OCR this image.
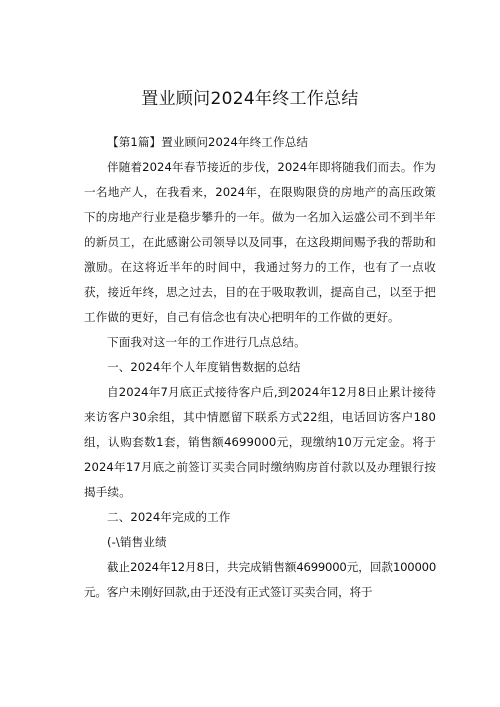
置业顾问2024年终工作总结

【第1篇】置业顾问2024年终工作总结

伴随着2024年春节接近的步伐，2024年即将随我们而去。作为一名地产人，在我看来，2024年，在限购限贷的房地产的高压政策下的房地产行业是稳步攀升的一年。做为一名加入运盛公司不到半年的新员工，在此感谢公司领导以及同事，在这段期间赐予我的帮助和激励。在这将近半年的时间中，我通过努力的工作，也有了一点收获，接近年终，思之过去，目的在于吸取教训，提高自己，以至于把工作做的更好，自己有信念也有决心把明年的工作做的更好。

下面我对这一年的工作进行几点总结。

一、2024年个人年度销售数据的总结

自2024年7月底正式接待客户后,到2024年12月8日止累计接待来访客户30余组，其中情愿留下联系方式22组，电话回访客户180组，认购套数1套，销售额4699000元，现缴纳10万元定金。将于2024年17月底之前签订买卖合同时缴纳购房首付款以及办理银行按揭手续。

二、2024年完成的工作

(-\销售业绩

截止2024年12月8日，共完成销售额4699000元，回款100000元。客户未刚好回款,由于还没有正式签订买卖合同，将于
